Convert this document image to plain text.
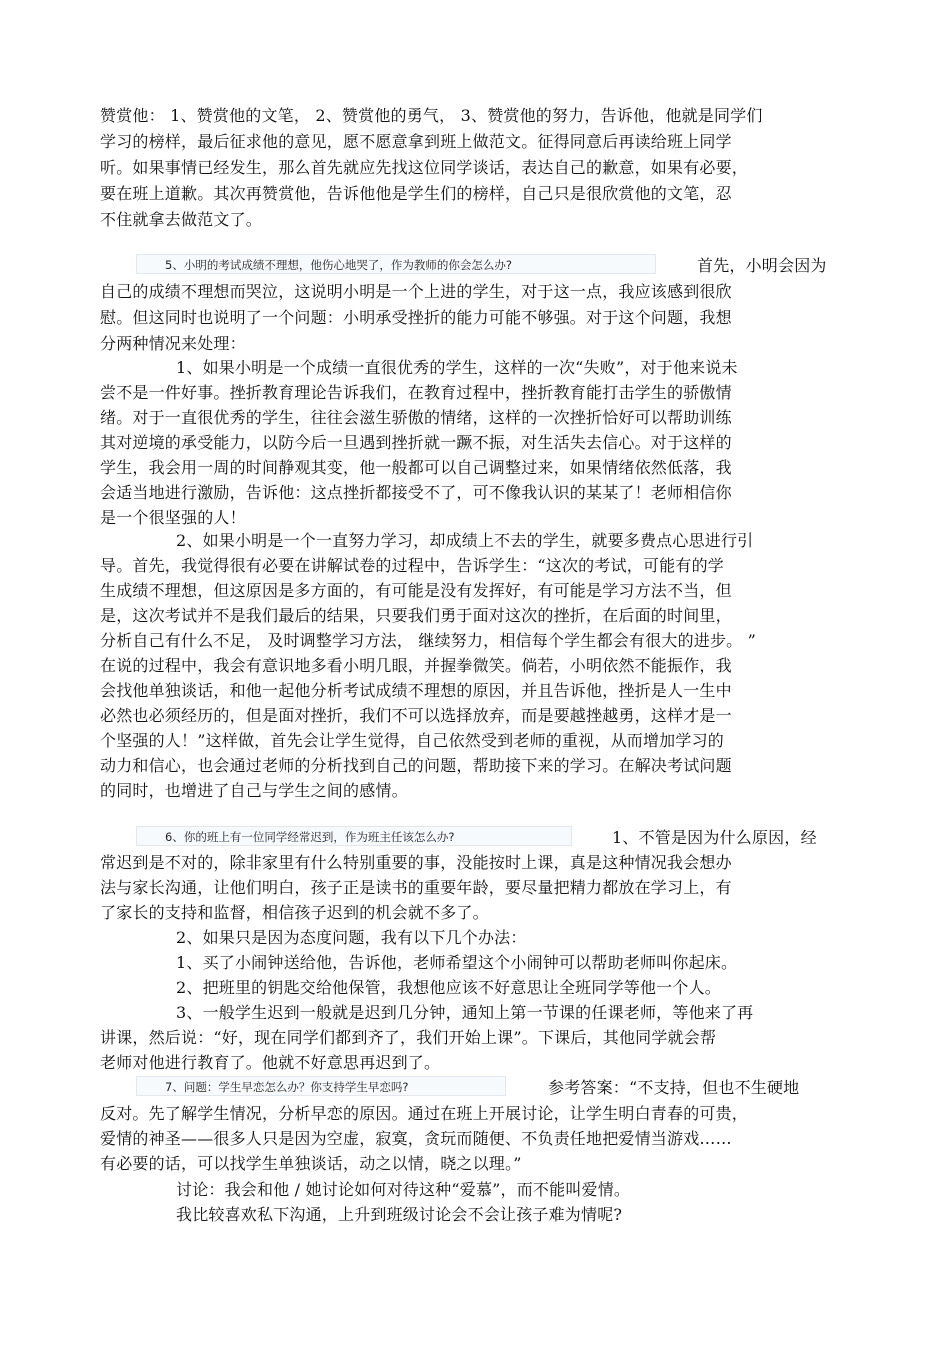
赞赏他： 1、赞赏他的文笔， 2、赞赏他的勇气， 3、赞赏他的努力，告诉他，他就是同学们
学习的榜样，最后征求他的意见，愿不愿意拿到班上做范文。征得同意后再读给班上同学
听。如果事情已经发生，那么首先就应先找这位同学谈话，表达自己的歉意，如果有必要，
要在班上道歉。其次再赞赏他，告诉他他是学生们的榜样，自己只是很欣赏他的文笔，忍
不住就拿去做范文了。
5、小明的考试成绩不理想，他伤心地哭了，作为教师的你会怎么办?	首先，小明会因为
自己的成绩不理想而哭泣，这说明小明是一个上进的学生，对于这一点，我应该感到很欣
慰。但这同时也说明了一个问题：小明承受挫折的能力可能不够强。对于这个问题，我想
分两种情况来处理：
1、如果小明是一个成绩一直很优秀的学生，这样的一次“失败”，对于他来说未
尝不是一件好事。挫折教育理论告诉我们，在教育过程中，挫折教育能打击学生的骄傲情
绪。对于一直很优秀的学生，往往会滋生骄傲的情绪，这样的一次挫折恰好可以帮助训练
其对逆境的承受能力，以防今后一旦遇到挫折就一蹶不振，对生活失去信心。对于这样的
学生，我会用一周的时间静观其变，他一般都可以自己调整过来，如果情绪依然低落，我
会适当地进行激励，告诉他：这点挫折都接受不了，可不像我认识的某某了！老师相信你
是一个很坚强的人！
2、如果小明是一个一直努力学习，却成绩上不去的学生，就要多费点心思进行引
导。首先，我觉得很有必要在讲解试卷的过程中，告诉学生：“这次的考试，可能有的学
生成绩不理想，但这原因是多方面的，有可能是没有发挥好，有可能是学习方法不当，但
是，这次考试并不是我们最后的结果，只要我们勇于面对这次的挫折，在后面的时间里，
分析自己有什么不足， 及时调整学习方法， 继续努力，相信每个学生都会有很大的进步。 ”
在说的过程中，我会有意识地多看小明几眼，并握拳微笑。倘若，小明依然不能振作，我
会找他单独谈话，和他一起他分析考试成绩不理想的原因，并且告诉他，挫折是人一生中
必然也必须经历的，但是面对挫折，我们不可以选择放弃，而是要越挫越勇，这样才是一
个坚强的人！”这样做，首先会让学生觉得，自己依然受到老师的重视，从而增加学习的
动力和信心，也会通过老师的分析找到自己的问题，帮助接下来的学习。在解决考试问题
的同时，也增进了自己与学生之间的感情。
6、你的班上有一位同学经常迟到，作为班主任该怎么办?	1、不管是因为什么原因，经
常迟到是不对的，除非家里有什么特别重要的事，没能按时上课，真是这种情况我会想办
法与家长沟通，让他们明白，孩子正是读书的重要年龄，要尽量把精力都放在学习上，有
了家长的支持和监督，相信孩子迟到的机会就不多了。
2、如果只是因为态度问题，我有以下几个办法：
1、买了小闹钟送给他，告诉他，老师希望这个小闹钟可以帮助老师叫你起床。
2、把班里的钥匙交给他保管，我想他应该不好意思让全班同学等他一个人。
3、一般学生迟到一般就是迟到几分钟，通知上第一节课的任课老师，等他来了再
讲课，然后说：“好，现在同学们都到齐了，我们开始上课”。下课后，其他同学就会帮
老师对他进行教育了。他就不好意思再迟到了。
7、问题：学生早恋怎么办？你支持学生早恋吗?	参考答案：“不支持，但也不生硬地
反对。先了解学生情况，分析早恋的原因。通过在班上开展讨论，让学生明白青春的可贵，
爱情的神圣——很多人只是因为空虚，寂寞，贪玩而随便、不负责任地把爱情当游戏……
有必要的话，可以找学生单独谈话，动之以情，晓之以理。”
讨论：我会和他 / 她讨论如何对待这种“爱慕”，而不能叫爱情。
我比较喜欢私下沟通，上升到班级讨论会不会让孩子难为情呢?
